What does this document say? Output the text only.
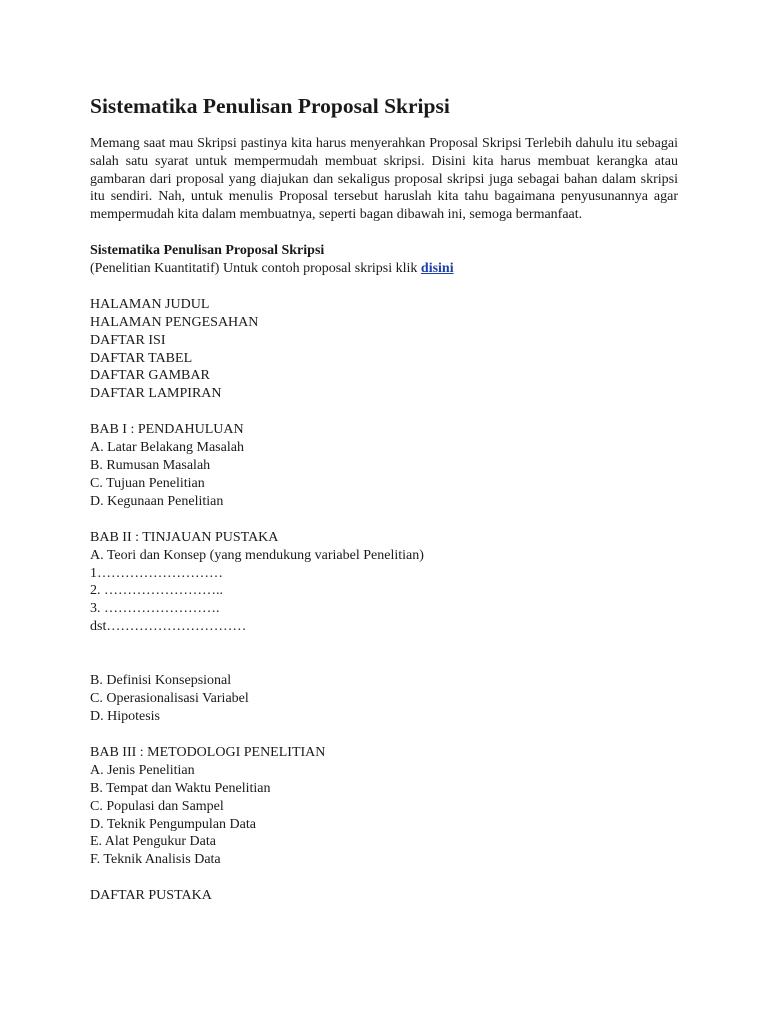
Sistematika Penulisan Proposal Skripsi

Memang saat mau Skripsi pastinya kita harus menyerahkan Proposal Skripsi Terlebih dahulu itu sebagai salah satu syarat untuk mempermudah membuat skripsi. Disini kita harus membuat kerangka atau gambaran dari proposal yang diajukan dan sekaligus proposal skripsi juga sebagai bahan dalam skripsi itu sendiri. Nah, untuk menulis Proposal tersebut haruslah kita tahu bagaimana penyusunannya agar mempermudah kita dalam membuatnya, seperti bagan dibawah ini, semoga bermanfaat.

Sistematika Penulisan Proposal Skripsi
(Penelitian Kuantitatif) Untuk contoh proposal skripsi klik disini
HALAMAN JUDUL
HALAMAN PENGESAHAN
DAFTAR ISI
DAFTAR TABEL
DAFTAR GAMBAR
DAFTAR LAMPIRAN
BAB I : PENDAHULUAN
A. Latar Belakang Masalah
B. Rumusan Masalah
C. Tujuan Penelitian
D. Kegunaan Penelitian
BAB II : TINJAUAN PUSTAKA
A. Teori dan Konsep (yang mendukung variabel Penelitian)
1………………………
2. ……………………..
3. …………………….
dst…………………………
B. Definisi Konsepsional
C. Operasionalisasi Variabel
D. Hipotesis
BAB III : METODOLOGI PENELITIAN
A. Jenis Penelitian
B. Tempat dan Waktu Penelitian
C. Populasi dan Sampel
D. Teknik Pengumpulan Data
E. Alat Pengukur Data
F. Teknik Analisis Data
DAFTAR PUSTAKA
